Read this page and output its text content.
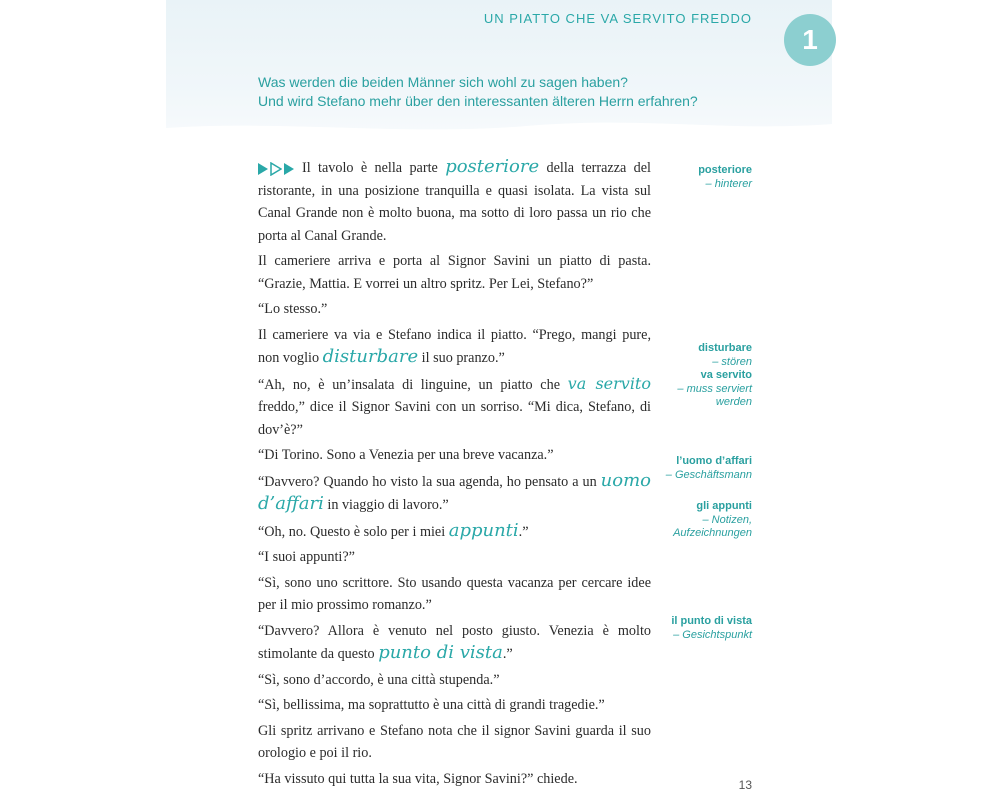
UN PIATTO CHE VA SERVITO FREDDO
1
Was werden die beiden Männer sich wohl zu sagen haben?
Und wird Stefano mehr über den interessanten älteren Herrn erfahren?

Il tavolo è nella parte posteriore della terrazza del ristorante, in una posizione tranquilla e quasi isolata. La vista sul Canal Grande non è molto buona, ma sotto di loro passa un rio che porta al Canal Grande.

Il cameriere arriva e porta al Signor Savini un piatto di pasta. “Grazie, Mattia. E vorrei un altro spritz. Per Lei, Stefano?”

“Lo stesso.”

Il cameriere va via e Stefano indica il piatto. “Prego, mangi pure, non voglio disturbare il suo pranzo.”

“Ah, no, è un’insalata di linguine, un piatto che va servito freddo,” dice il Signor Savini con un sorriso. “Mi dica, Stefano, di dov’è?”

“Di Torino. Sono a Venezia per una breve vacanza.”

“Davvero? Quando ho visto la sua agenda, ho pensato a un uomo d’affari in viaggio di lavoro.”

“Oh, no. Questo è solo per i miei appunti.”

“I suoi appunti?”

“Sì, sono uno scrittore. Sto usando questa vacanza per cercare idee per il mio prossimo romanzo.”

“Davvero? Allora è venuto nel posto giusto. Venezia è molto stimolante da questo punto di vista.”

“Sì, sono d’accordo, è una città stupenda.”

“Sì, bellissima, ma soprattutto è una città di grandi tragedie.”

Gli spritz arrivano e Stefano nota che il signor Savini guarda il suo orologio e poi il rio.

“Ha vissuto qui tutta la sua vita, Signor Savini?” chiede.

posteriore
– hinterer
disturbare
– stören
va servito
– muss serviert
werden
l’uomo d’affari
– Geschäftsmann
gli appunti
– Notizen,
Aufzeichnungen
il punto di vista
– Gesichtspunkt
13
